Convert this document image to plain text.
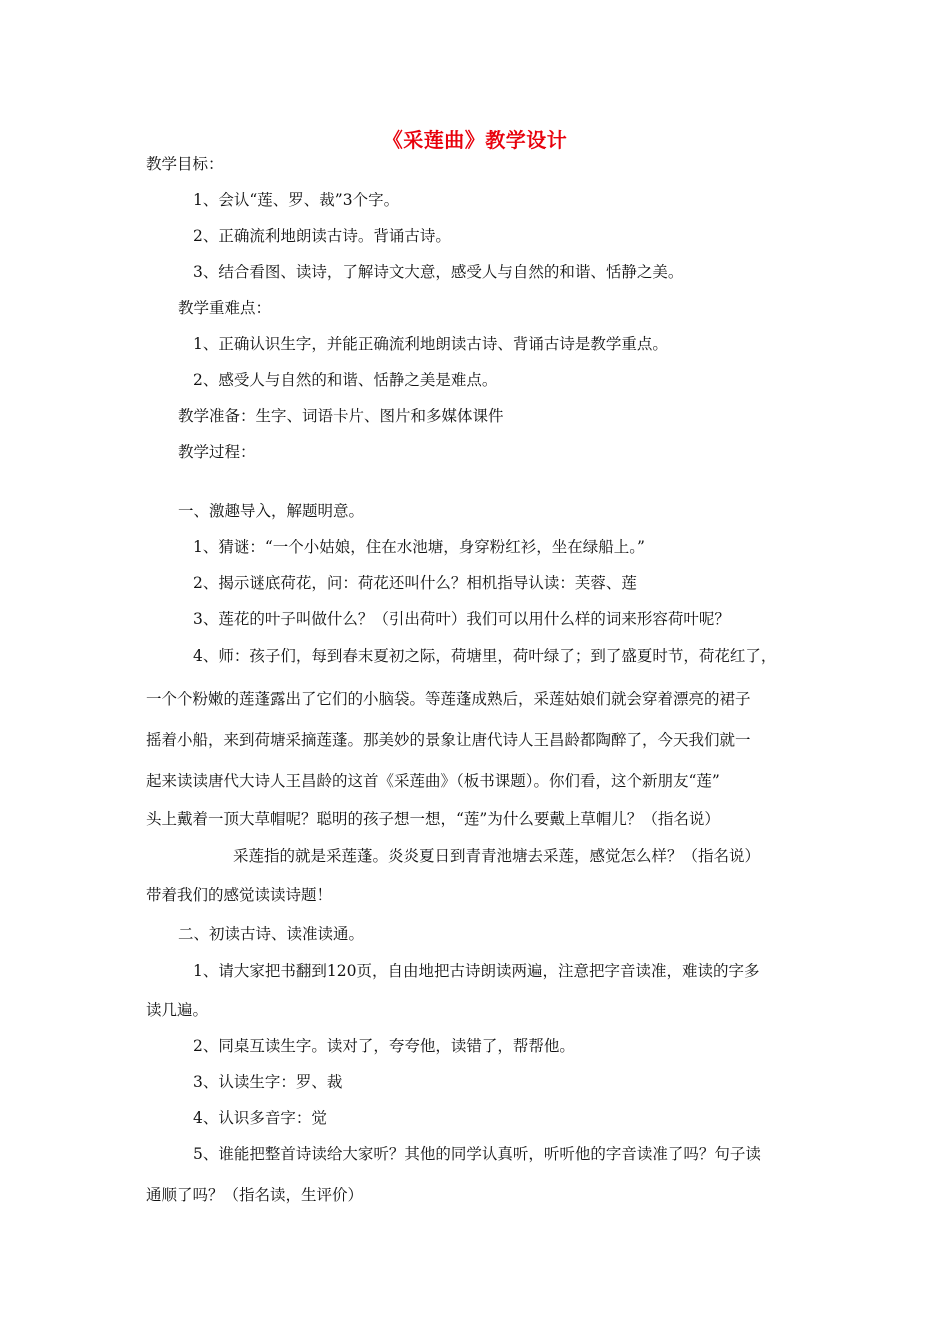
《采莲曲》教学设计
教学目标：
1、会认“莲、罗、裁”3个字。
2、正确流利地朗读古诗。背诵古诗。
3、结合看图、读诗，了解诗文大意，感受人与自然的和谐、恬静之美。
教学重难点：
1、正确认识生字，并能正确流利地朗读古诗、背诵古诗是教学重点。
2、感受人与自然的和谐、恬静之美是难点。
教学准备：生字、词语卡片、图片和多媒体课件
教学过程：
一、激趣导入，解题明意。
1、猜谜：“一个小姑娘，住在水池塘，身穿粉红衫，坐在绿船上。”
2、揭示谜底荷花，问：荷花还叫什么？相机指导认读：芙蓉、莲
3、莲花的叶子叫做什么？（引出荷叶）我们可以用什么样的词来形容荷叶呢？
4、师：孩子们，每到春末夏初之际，荷塘里，荷叶绿了；到了盛夏时节，荷花红了，
一个个粉嫩的莲蓬露出了它们的小脑袋。等莲蓬成熟后，采莲姑娘们就会穿着漂亮的裙子
摇着小船，来到荷塘采摘莲蓬。那美妙的景象让唐代诗人王昌龄都陶醉了，今天我们就一
起来读读唐代大诗人王昌龄的这首《采莲曲》（板书课题）。你们看，这个新朋友“莲”
头上戴着一顶大草帽呢？聪明的孩子想一想，“莲”为什么要戴上草帽儿？（指名说）
采莲指的就是采莲蓬。炎炎夏日到青青池塘去采莲，感觉怎么样？（指名说）
带着我们的感觉读读诗题！
二、初读古诗、读准读通。
1、请大家把书翻到120页，自由地把古诗朗读两遍，注意把字音读准，难读的字多
读几遍。
2、同桌互读生字。读对了，夸夸他，读错了，帮帮他。
3、认读生字：罗、裁
4、认识多音字：觉
5、谁能把整首诗读给大家听？其他的同学认真听，听听他的字音读准了吗？句子读
通顺了吗？（指名读，生评价）
